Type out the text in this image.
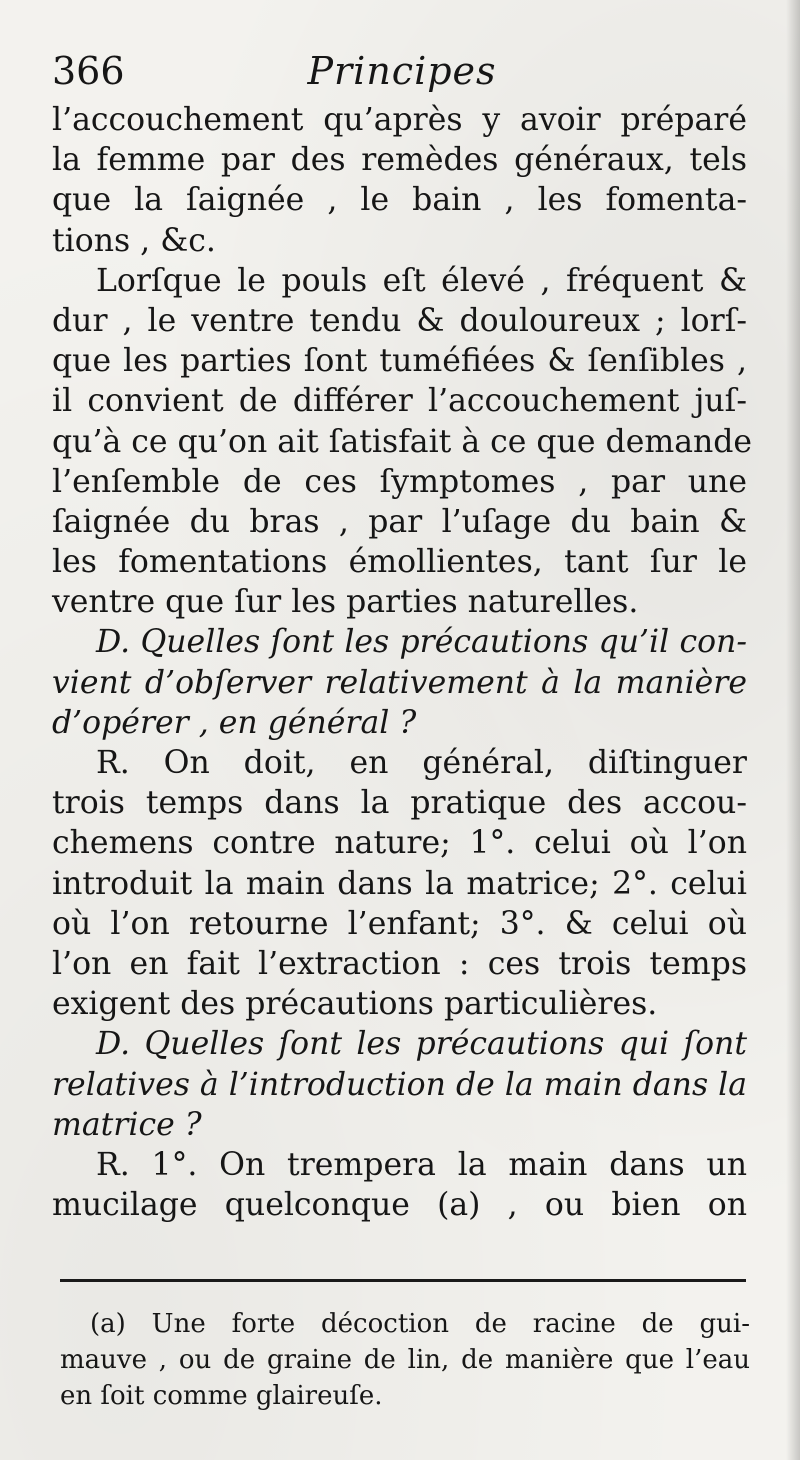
366	Principes
l’accouchement qu’après y avoir préparé
la femme par des remèdes généraux, tels
que la ſaignée , le bain , les fomenta-
tions , &c.
Lorſque le pouls eſt élevé , fréquent &
dur , le ventre tendu & douloureux ; lorſ-
que les parties ſont tuméfiées & ſenſibles ,
il convient de différer l’accouchement juſ-
qu’à ce qu’on ait ſatisfait à ce que demande
l’enſemble de ces ſymptomes , par une
ſaignée du bras , par l’uſage du bain &
les fomentations émollientes, tant ſur le
ventre que ſur les parties naturelles.
D. Quelles ſont les précautions qu’il con-
vient d’obſerver relativement à la manière
d’opérer , en général ?
R. On doit, en général, diſtinguer
trois temps dans la pratique des accou-
chemens contre nature; 1°. celui où l’on
introduit la main dans la matrice; 2°. celui
où l’on retourne l’enfant; 3°. & celui où
l’on en fait l’extraction : ces trois temps
exigent des précautions particulières.
D. Quelles ſont les précautions qui ſont
relatives à l’introduction de la main dans la
matrice ?
R. 1°. On trempera la main dans un
mucilage quelconque (a) , ou bien on
(a) Une forte décoction de racine de gui-
mauve , ou de graine de lin, de manière que l’eau
en ſoit comme glaireuſe.
